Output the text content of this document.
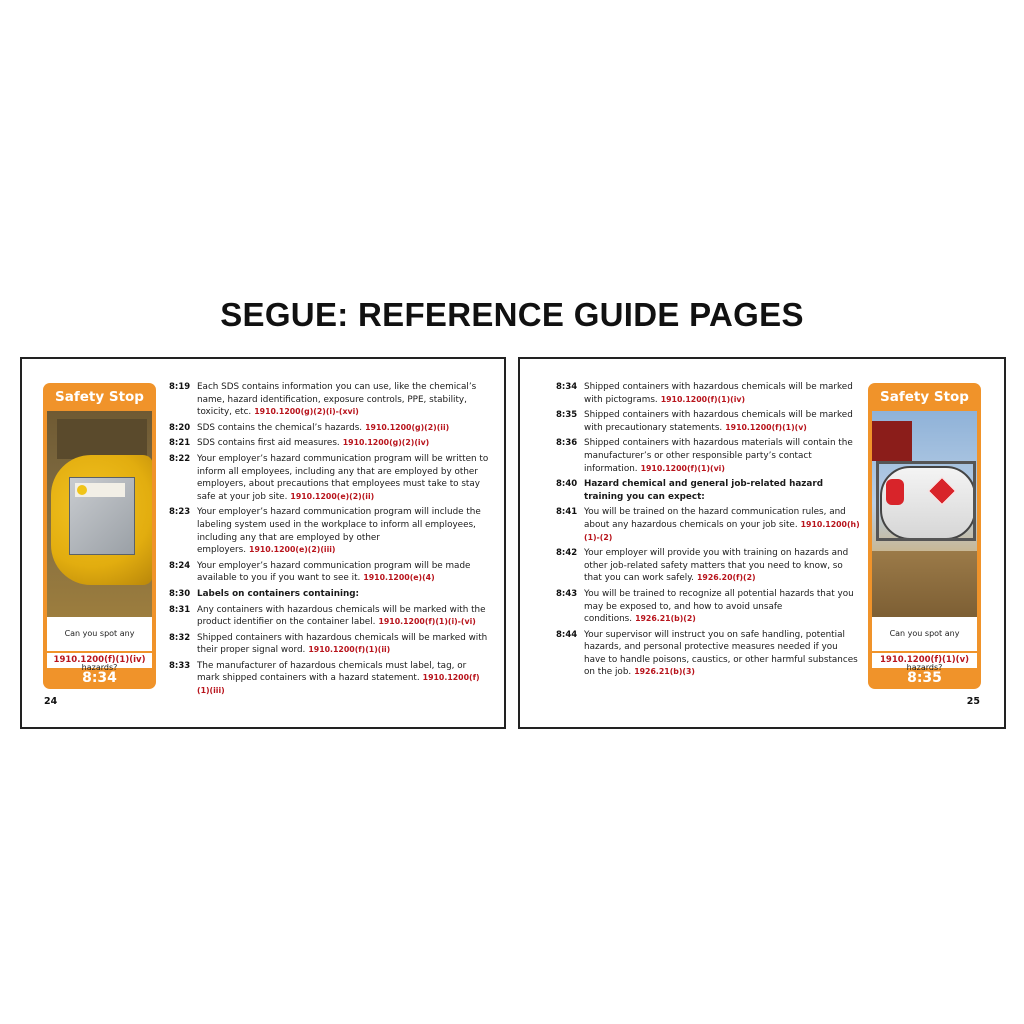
SEGUE: REFERENCE GUIDE PAGES
Safety Stop
Can you spot any
1910.1200(f)(1)(iv)
8:34
8:19 Each SDS contains information you can use, like the chemical’s name, hazard identification, exposure controls, PPE, stability, toxicity, etc. 1910.1200(g)(2)(i)-(xvi)
8:20 SDS contains the chemical’s hazards. 1910.1200(g)(2)(ii)
8:21 SDS contains first aid measures. 1910.1200(g)(2)(iv)
8:22 Your employer’s hazard communication program will be written to inform all employees, including any that are employed by other employers, about precautions that employees must take to stay safe at your job site. 1910.1200(e)(2)(ii)
8:23 Your employer’s hazard communication program will include the labeling system used in the workplace to inform all employees, including any that are employed by other employers. 1910.1200(e)(2)(iii)
8:24 Your employer’s hazard communication program will be made available to you if you want to see it. 1910.1200(e)(4)
8:30 Labels on containers containing:
8:31 Any containers with hazardous chemicals will be marked with the product identifier on the container label. 1910.1200(f)(1)(i)-(vi)
8:32 Shipped containers with hazardous chemicals will be marked with their proper signal word. 1910.1200(f)(1)(ii)
8:33 The manufacturer of hazardous chemicals must label, tag, or mark shipped containers with a hazard statement. 1910.1200(f)(1)(iii)
24
8:34 Shipped containers with hazardous chemicals will be marked with pictograms. 1910.1200(f)(1)(iv)
8:35 Shipped containers with hazardous chemicals will be marked with precautionary statements. 1910.1200(f)(1)(v)
8:36 Shipped containers with hazardous materials will contain the manufacturer’s or other responsible party’s contact information. 1910.1200(f)(1)(vi)
8:40 Hazard chemical and general job-related hazard training you can expect:
8:41 You will be trained on the hazard communication rules, and about any hazardous chemicals on your job site. 1910.1200(h)(1)-(2)
8:42 Your employer will provide you with training on hazards and other job-related safety matters that you need to know, so that you can work safely. 1926.20(f)(2)
8:43 You will be trained to recognize all potential hazards that you may be exposed to, and how to avoid unsafe conditions. 1926.21(b)(2)
8:44 Your supervisor will instruct you on safe handling, potential hazards, and personal protective measures needed if you have to handle poisons, caustics, or other harmful substances on the job. 1926.21(b)(3)
Safety Stop
Can you spot any
1910.1200(f)(1)(v)
8:35
25
